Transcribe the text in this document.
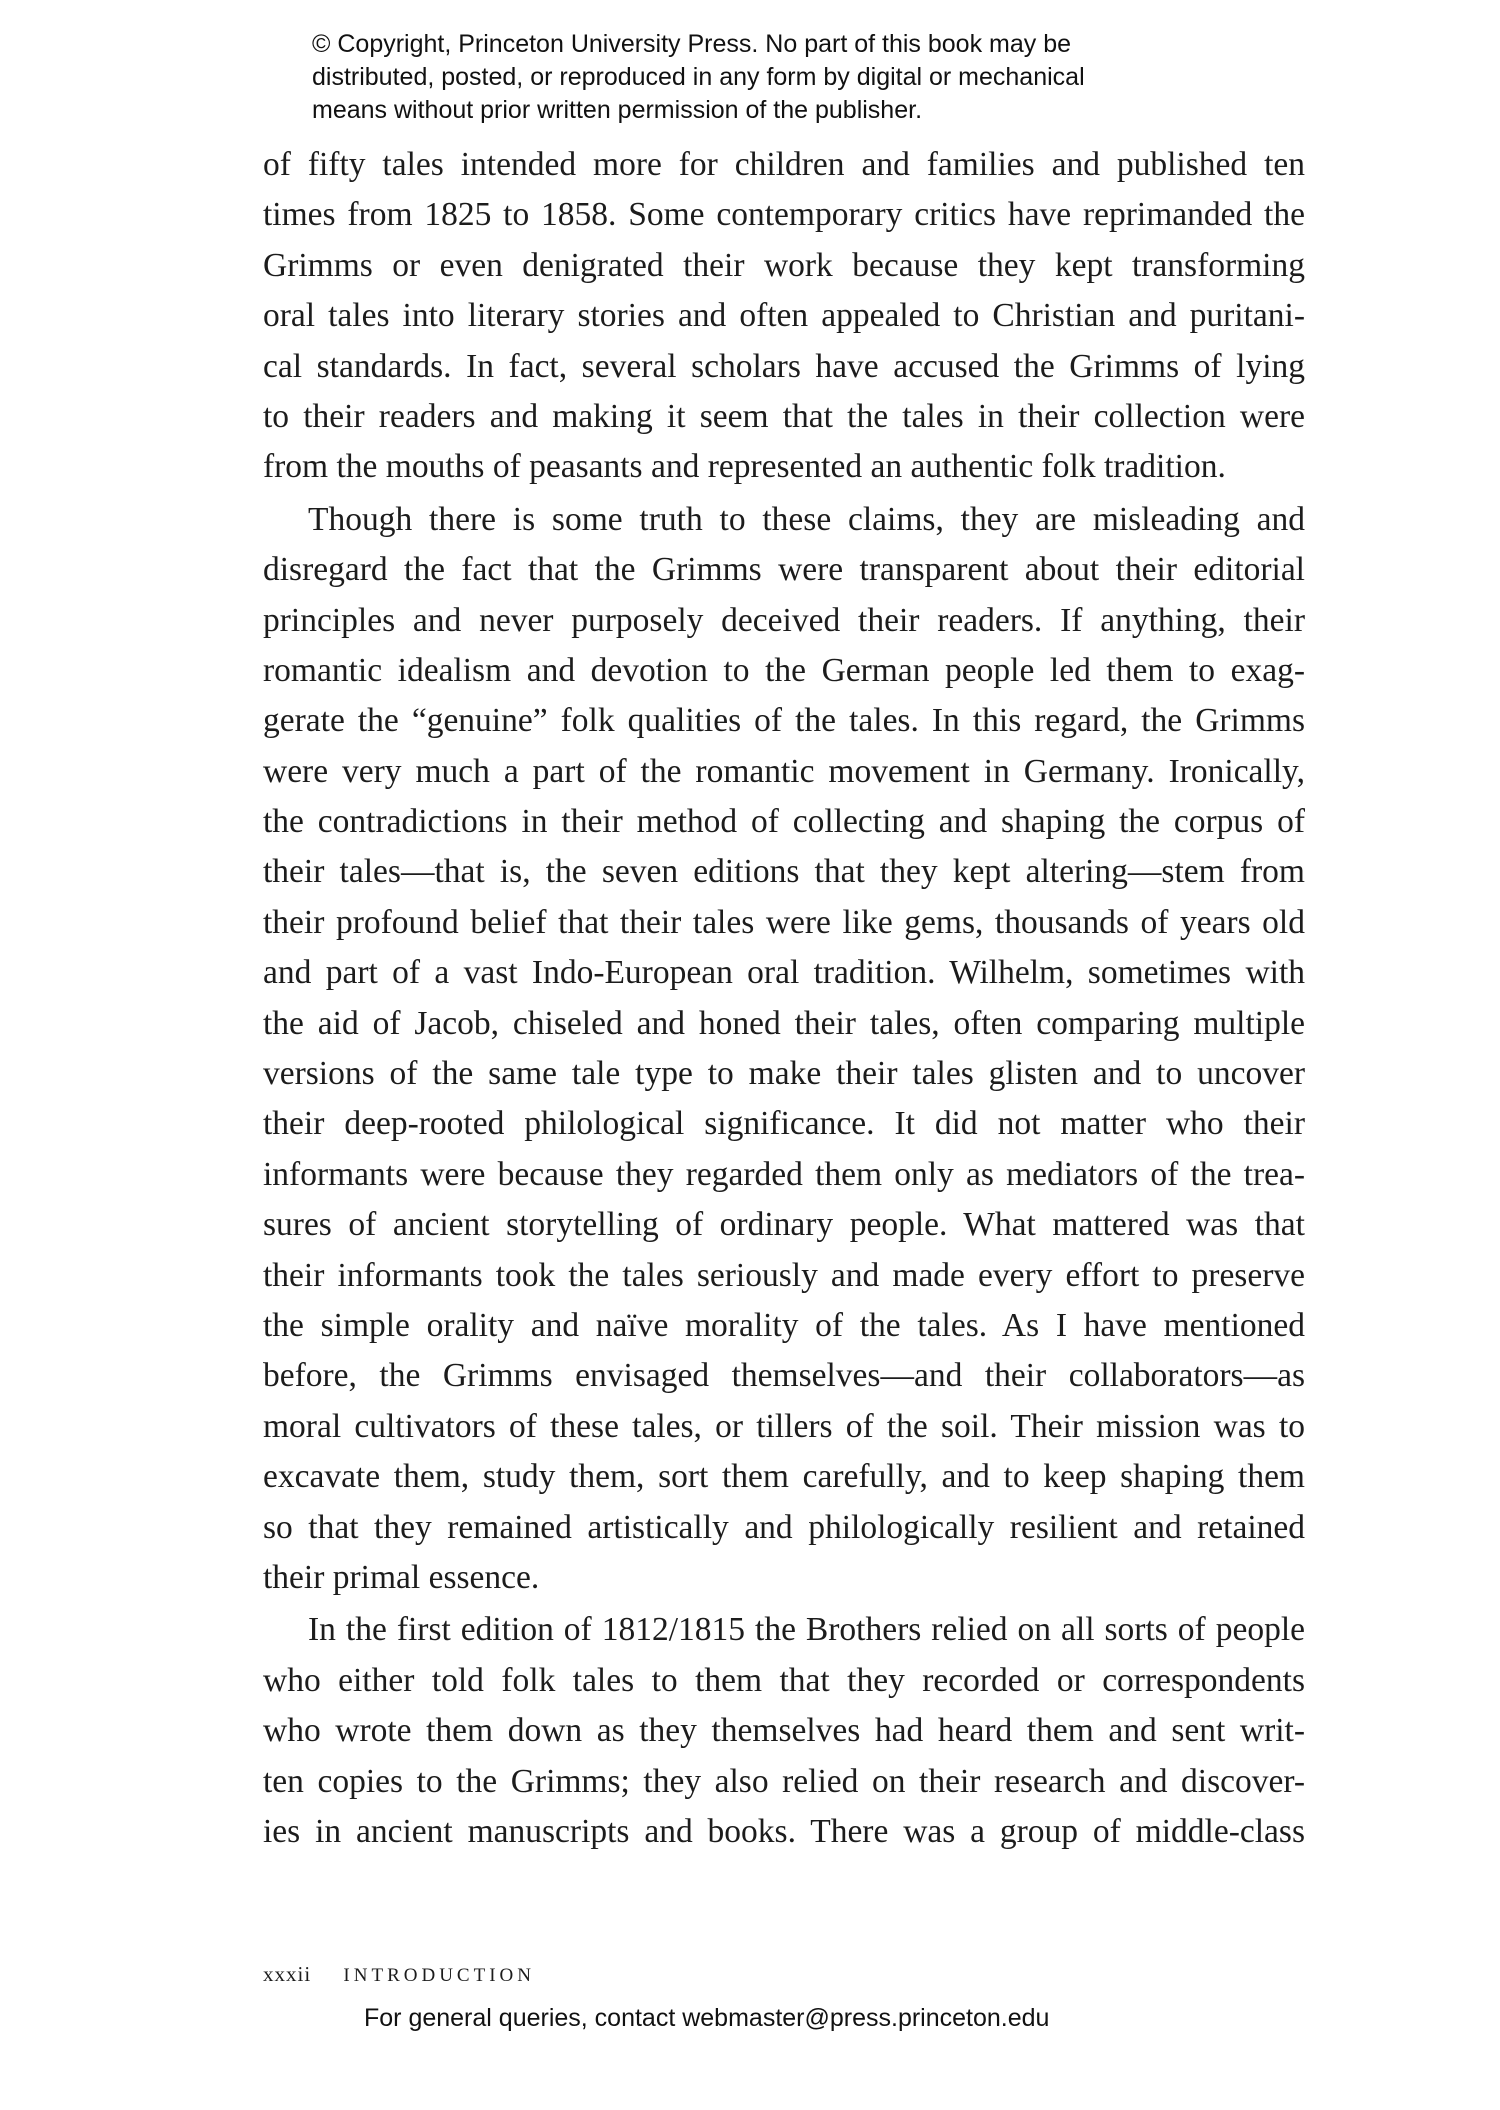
© Copyright, Princeton University Press. No part of this book may be
distributed, posted, or reproduced in any form by digital or mechanical
means without prior written permission of the publisher.

of fifty tales intended more for children and families and published ten
times from 1825 to 1858. Some contemporary critics have reprimanded the
Grimms or even denigrated their work because they kept transforming
oral tales into literary stories and often appealed to Christian and puritani-
cal standards. In fact, several scholars have accused the Grimms of lying
to their readers and making it seem that the tales in their collection were
from the mouths of peasants and represented an authentic folk tradition.

Though there is some truth to these claims, they are misleading and
disregard the fact that the Grimms were transparent about their editorial
principles and never purposely deceived their readers. If anything, their
romantic idealism and devotion to the German people led them to exag-
gerate the “genuine” folk qualities of the tales. In this regard, the Grimms
were very much a part of the romantic movement in Germany. Ironically,
the contradictions in their method of collecting and shaping the corpus of
their tales—that is, the seven editions that they kept altering—stem from
their profound belief that their tales were like gems, thousands of years old
and part of a vast Indo-European oral tradition. Wilhelm, sometimes with
the aid of Jacob, chiseled and honed their tales, often comparing multiple
versions of the same tale type to make their tales glisten and to uncover
their deep-rooted philological significance. It did not matter who their
informants were because they regarded them only as mediators of the trea-
sures of ancient storytelling of ordinary people. What mattered was that
their informants took the tales seriously and made every effort to preserve
the simple orality and naïve morality of the tales. As I have mentioned
before, the Grimms envisaged themselves—and their collaborators—as
moral cultivators of these tales, or tillers of the soil. Their mission was to
excavate them, study them, sort them carefully, and to keep shaping them
so that they remained artistically and philologically resilient and retained
their primal essence.

In the first edition of 1812/1815 the Brothers relied on all sorts of people
who either told folk tales to them that they recorded or correspondents
who wrote them down as they themselves had heard them and sent writ-
ten copies to the Grimms; they also relied on their research and discover-
ies in ancient manuscripts and books. There was a group of middle-class

xxxii INTRODUCTION
For general queries, contact webmaster@press.princeton.edu
